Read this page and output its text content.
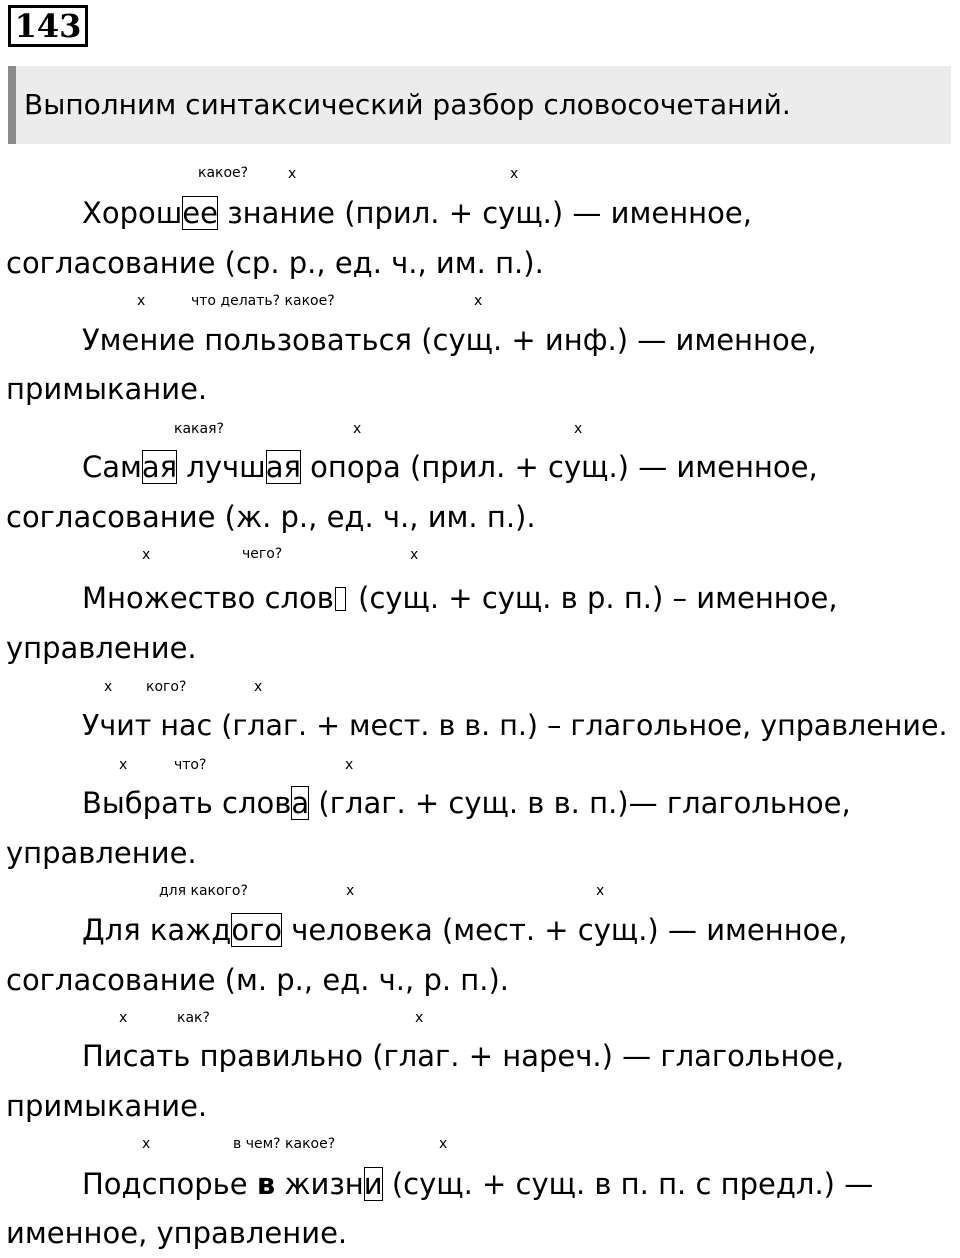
143
Выполним синтаксический разбор словосочетаний.
какое?	х	х
Хорошее знание (прил. + сущ.) — именное,
согласование (ср. р., ед. ч., им. п.).
х	что делать? какое?	х
Умение пользоваться (сущ. + инф.) — именное,
примыкание.
какая?	х	х
Самая лучшая опора (прил. + сущ.) — именное,
согласование (ж. р., ед. ч., им. п.).
х	чего?	х
Множество слов (сущ. + сущ. в р. п.) – именное,
управление.
х кого?	х
Учит нас (глаг. + мест. в в. п.) – глагольное, управление.
х	что?	х
Выбрать слова (глаг. + сущ. в в. п.)— глагольное,
управление.
для какого?	х	х
Для каждого человека (мест. + сущ.) — именное,
согласование (м. р., ед. ч., р. п.).
х	как?	х
Писать правильно (глаг. + нареч.) — глагольное,
примыкание.
х	в чем? какое?	х
Подспорье в жизни (сущ. + сущ. в п. п. с предл.) —
именное, управление.
